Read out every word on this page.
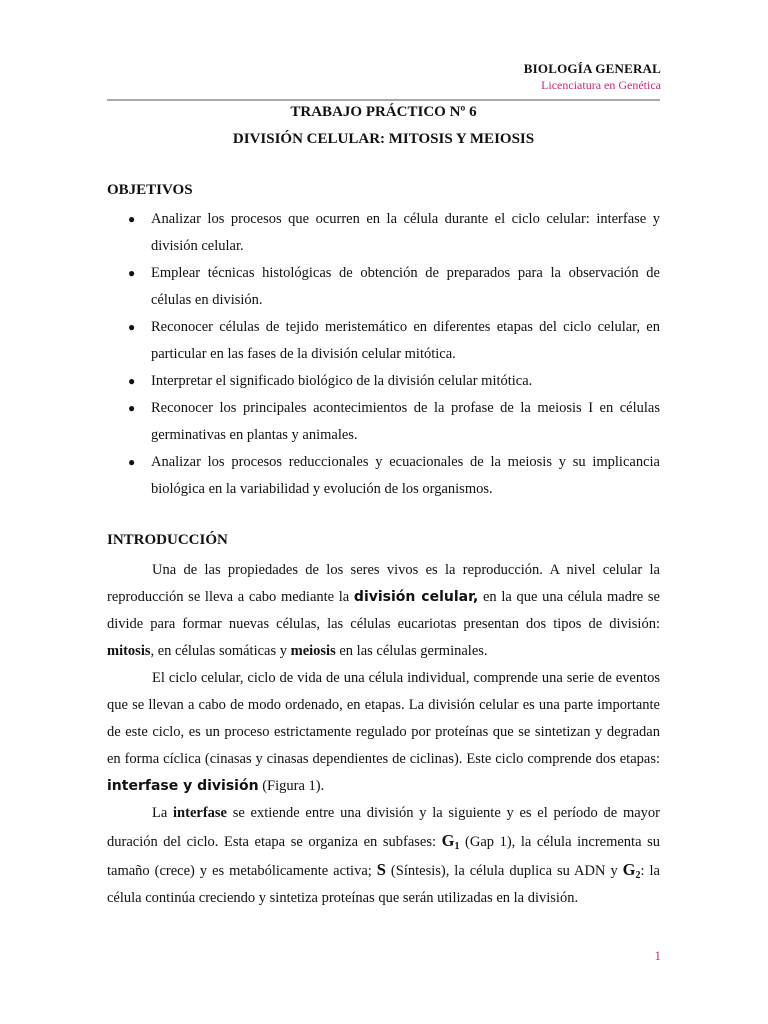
BIOLOGÍA GENERAL
Licenciatura en Genética
TRABAJO PRÁCTICO Nº 6
DIVISIÓN CELULAR: MITOSIS Y MEIOSIS
OBJETIVOS
● Analizar los procesos que ocurren en la célula durante el ciclo celular: interfase y división celular.
● Emplear técnicas histológicas de obtención de preparados para la observación de células en división.
● Reconocer células de tejido meristemático en diferentes etapas del ciclo celular, en particular en las fases de la división celular mitótica.
● Interpretar el significado biológico de la división celular mitótica.
● Reconocer los principales acontecimientos de la profase de la meiosis I en células germinativas en plantas y animales.
● Analizar los procesos reduccionales y ecuacionales de la meiosis y su implicancia biológica en la variabilidad y evolución de los organismos.
INTRODUCCIÓN

Una de las propiedades de los seres vivos es la reproducción. A nivel celular la reproducción se lleva a cabo mediante la división celular, en la que una célula madre se divide para formar nuevas células, las células eucariotas presentan dos tipos de división: mitosis, en células somáticas y meiosis en las células germinales.

El ciclo celular, ciclo de vida de una célula individual, comprende una serie de eventos que se llevan a cabo de modo ordenado, en etapas. La división celular es una parte importante de este ciclo, es un proceso estrictamente regulado por proteínas que se sintetizan y degradan en forma cíclica (cinasas y cinasas dependientes de ciclinas). Este ciclo comprende dos etapas: interfase y división (Figura 1).

La interfase se extiende entre una división y la siguiente y es el período de mayor duración del ciclo. Esta etapa se organiza en subfases: $G_1$ (Gap 1), la célula incrementa su tamaño (crece) y es metabólicamente activa; S (Síntesis), la célula duplica su ADN y $G_2$: la célula continúa creciendo y sintetiza proteínas que serán utilizadas en la división.

1
